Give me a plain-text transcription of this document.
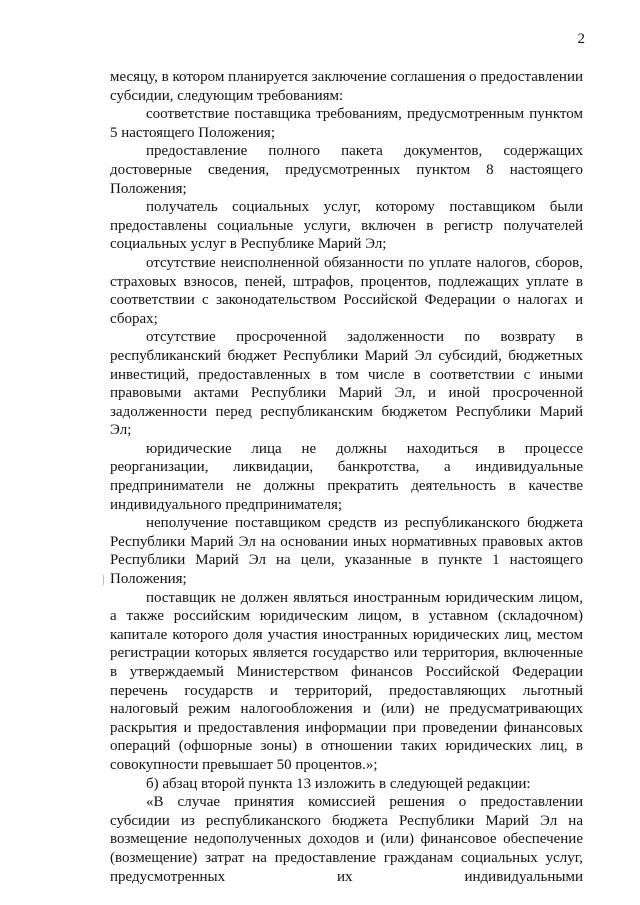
2

месяцу, в котором планируется заключение соглашения о предоставлении субсидии, следующим требованиям:

соответствие поставщика требованиям, предусмотренным пунктом 5 настоящего Положения;

предоставление полного пакета документов, содержащих достоверные сведения, предусмотренных пунктом 8 настоящего Положения;

получатель социальных услуг, которому поставщиком были предоставлены социальные услуги, включен в регистр получателей социальных услуг в Республике Марий Эл;

отсутствие неисполненной обязанности по уплате налогов, сборов, страховых взносов, пеней, штрафов, процентов, подлежащих уплате в соответствии с законодательством Российской Федерации о налогах и сборах;

отсутствие просроченной задолженности по возврату в республиканский бюджет Республики Марий Эл субсидий, бюджетных инвестиций, предоставленных в том числе в соответствии с иными правовыми актами Республики Марий Эл, и иной просроченной задолженности перед республиканским бюджетом Республики Марий Эл;

юридические лица не должны находиться в процессе реорганизации, ликвидации, банкротства, а индивидуальные предприниматели не должны прекратить деятельность в качестве индивидуального предпринимателя;

неполучение поставщиком средств из республиканского бюджета Республики Марий Эл на основании иных нормативных правовых актов Республики Марий Эл на цели, указанные в пункте 1 настоящего Положения;

поставщик не должен являться иностранным юридическим лицом, а также российским юридическим лицом, в уставном (складочном) капитале которого доля участия иностранных юридических лиц, местом регистрации которых является государство или территория, включенные в утверждаемый Министерством финансов Российской Федерации перечень государств и территорий, предоставляющих льготный налоговый режим налогообложения и (или) не предусматривающих раскрытия и предоставления информации при проведении финансовых операций (офшорные зоны) в отношении таких юридических лиц, в совокупности превышает 50 процентов.»;

б) абзац второй пункта 13 изложить в следующей редакции:

«В случае принятия комиссией решения о предоставлении субсидии из республиканского бюджета Республики Марий Эл на возмещение недополученных доходов и (или) финансовое обеспечение (возмещение) затрат на предоставление гражданам социальных услуг, предусмотренных их индивидуальными
